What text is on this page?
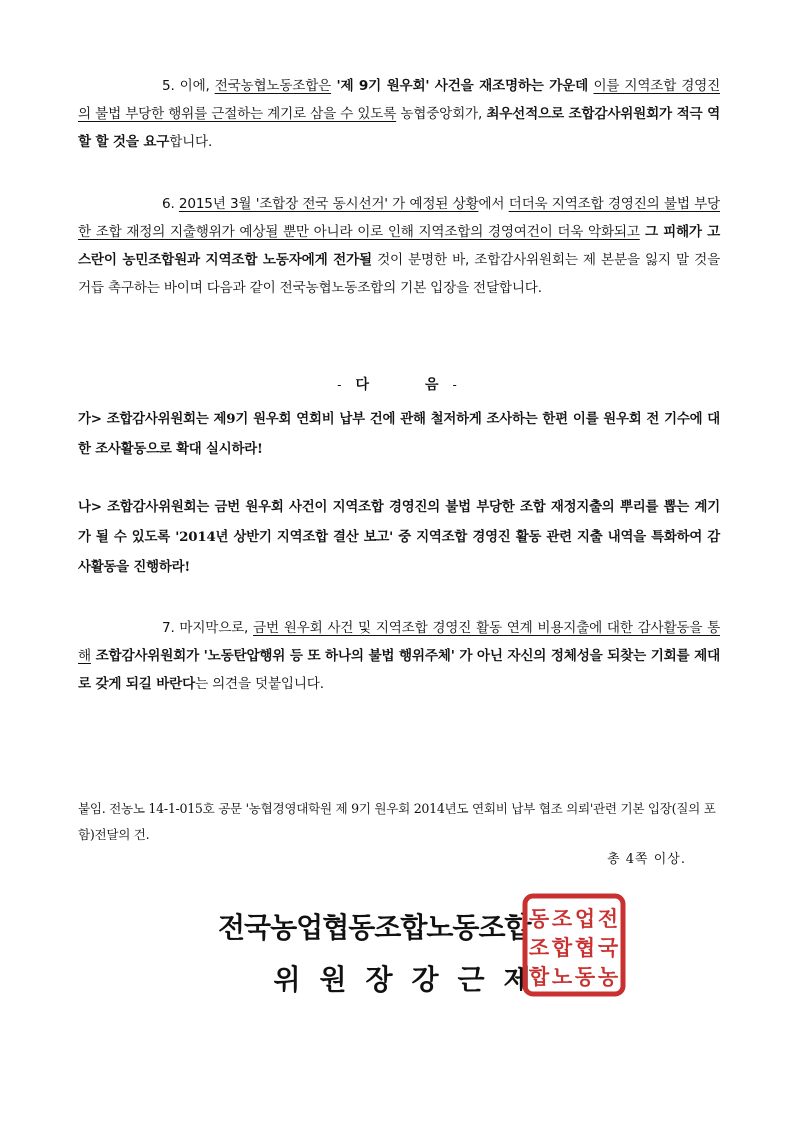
5. 이에, 전국농협노동조합은 '제 9기 원우회' 사건을 재조명하는 가운데 이를 지역조합 경영진의 불법 부당한 행위를 근절하는 계기로 삼을 수 있도록 농협중앙회가, 최우선적으로 조합감사위원회가 적극 역할 할 것을 요구합니다.
6. 2015년 3월 '조합장 전국 동시선거' 가 예정된 상황에서 더더욱 지역조합 경영진의 불법 부당한 조합 재정의 지출행위가 예상될 뿐만 아니라 이로 인해 지역조합의 경영여건이 더욱 악화되고 그 피해가 고스란이 농민조합원과 지역조합 노동자에게 전가될 것이 분명한 바, 조합감사위원회는 제 본분을 잃지 말 것을 거듭 촉구하는 바이며 다음과 같이 전국농협노동조합의 기본 입장을 전달합니다.
- 다	음 -
가> 조합감사위원회는 제9기 원우회 연회비 납부 건에 관해 철저하게 조사하는 한편 이를 원우회 전 기수에 대한 조사활동으로 확대 실시하라!
나> 조합감사위원회는 금번 원우회 사건이 지역조합 경영진의 불법 부당한 조합 재정지출의 뿌리를 뽑는 계기가 될 수 있도록 '2014년 상반기 지역조합 결산 보고' 중 지역조합 경영진 활동 관련 지출 내역을 특화하여 감사활동을 진행하라!
7. 마지막으로, 금번 원우회 사건 및 지역조합 경영진 활동 연계 비용지출에 대한 감사활동을 통해 조합감사위원회가 '노동탄압행위 등 또 하나의 불법 행위주체' 가 아닌 자신의 정체성을 되찾는 기회를 제대로 갖게 되길 바란다는 의견을 덧붙입니다.
붙임. 전농노 14-1-015호 공문 '농협경영대학원 제 9기 원우회 2014년도 연회비 납부 협조 의뢰'관련 기본 입장(질의 포함)전달의 건.
총 4쪽 이상.
전국농업협동조합노동조합
위 원 장 강 근 제
전
국
농
업
협
동
조
합
노
동
조
합
